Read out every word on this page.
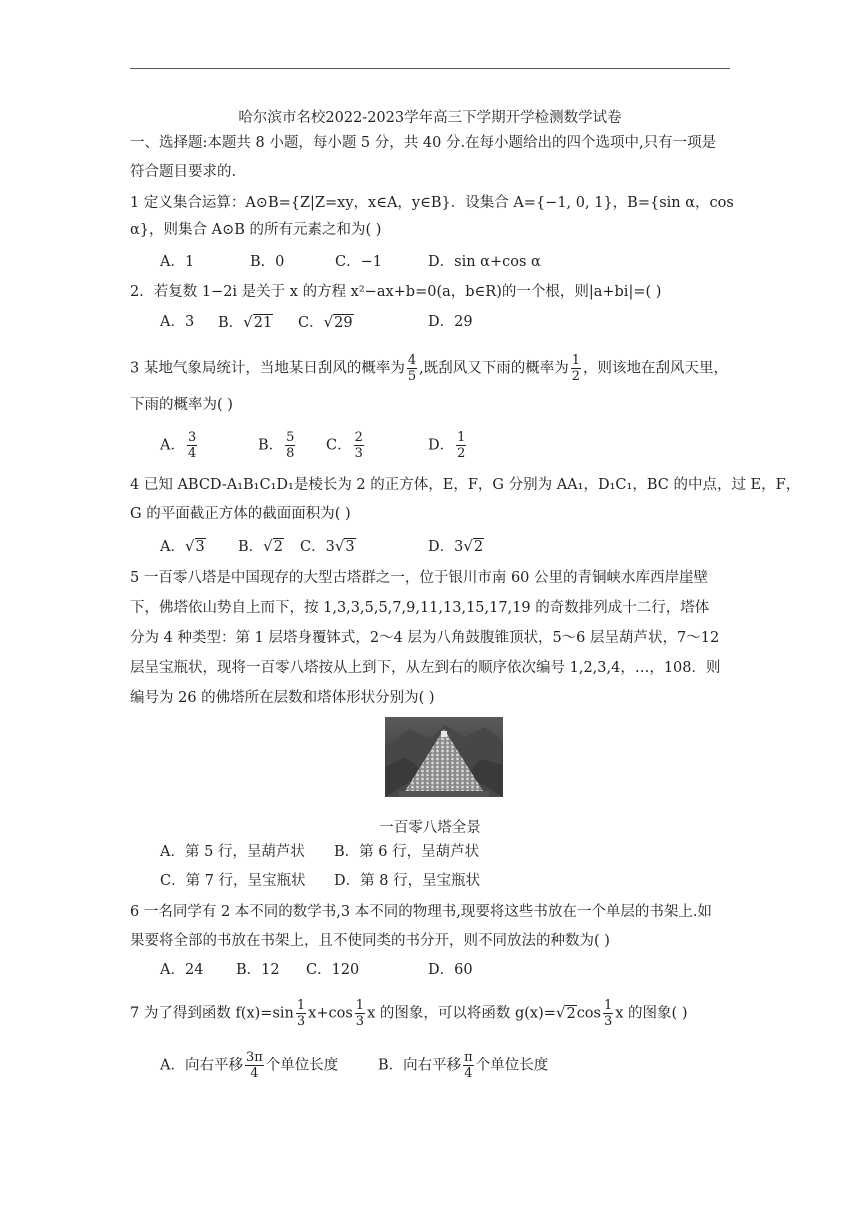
哈尔滨市名校2022-2023学年高三下学期开学检测数学试卷
一、选择题:本题共 8 小题，每小题 5 分，共 40 分.在每小题给出的四个选项中,只有一项是
符合题目要求的.
1 定义集合运算：A⊙B={Z|Z=xy，x∈A，y∈B}．设集合 A={−1, 0, 1}，B={sin α，cos
α}，则集合 A⊙B 的所有元素之和为( )
A．1	B．0	C．−1	D．sin α+cos α
2．若复数 1−2i 是关于 x 的方程 x²−ax+b=0(a，b∈R)的一个根，则|a+bi|=( )
A．3 B．√21 C．√29	D．29
3 某地气象局统计，当地某日刮风的概率为 $\frac{4}{5}$ ,既刮风又下雨的概率为 $\frac{1}{2}$ ，则该地在刮风天里，
下雨的概率为( )
A． $\frac{3}{4}$	B． $\frac{5}{8}$ C． $\frac{2}{3}$	D． $\frac{1}{2}$
4 已知 ABCD-A₁B₁C₁D₁是棱长为 2 的正方体，E，F，G 分别为 AA₁，D₁C₁，BC 的中点，过 E，F，
G 的平面截正方体的截面面积为( )
A．√3 B．√2 C．3√3	D．3√2
5 一百零八塔是中国现存的大型古塔群之一，位于银川市南 60 公里的青铜峡水库西岸崖壁
下，佛塔依山势自上而下，按 1,3,3,5,5,7,9,11,13,15,17,19 的奇数排列成十二行，塔体
分为 4 种类型：第 1 层塔身覆钵式，2～4 层为八角鼓腹锥顶状，5～6 层呈葫芦状，7～12
层呈宝瓶状，现将一百零八塔按从上到下，从左到右的顺序依次编号 1,2,3,4，…，108．则
编号为 26 的佛塔所在层数和塔体形状分别为( )
一百零八塔全景
A．第 5 行，呈葫芦状 B．第 6 行，呈葫芦状
C．第 7 行，呈宝瓶状 D．第 8 行，呈宝瓶状
6 一名同学有 2 本不同的数学书,3 本不同的物理书,现要将这些书放在一个单层的书架上.如
果要将全部的书放在书架上，且不使同类的书分开，则不同放法的种数为( )
A．24 B．12 C．120	D．60
7 为了得到函数 $f(x)=\sin \frac{1}{3} x+\cos \frac{1}{3}$ x 的图象，可以将函数 $g(x)=√2\cos \frac{1}{3}$ x 的图象( )
A．向右平移 $\frac{3\pi}{4}$ 个单位长度	B．向右平移 $\frac{\pi}{4}$ 个单位长度
